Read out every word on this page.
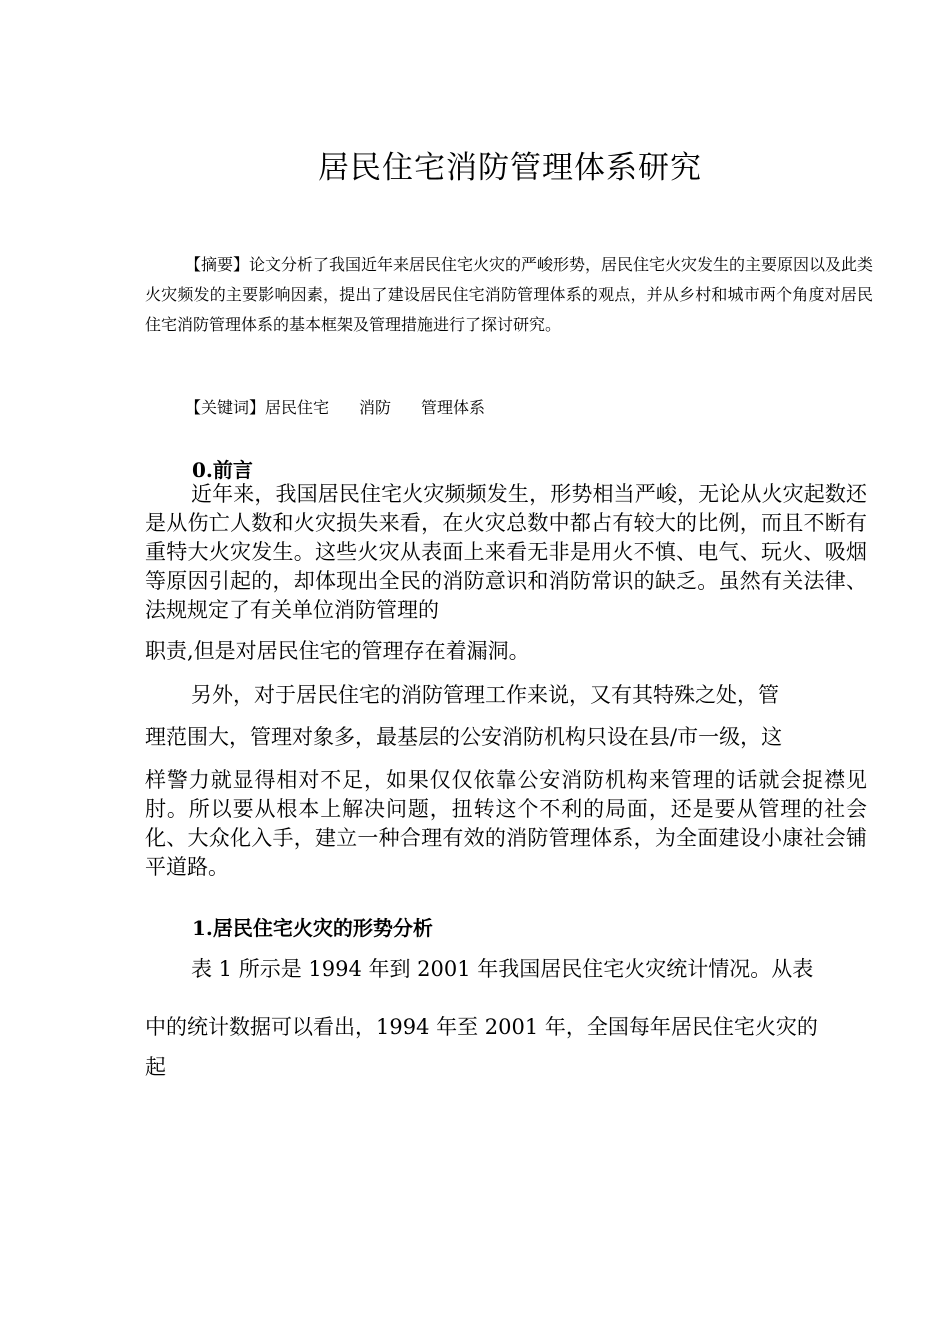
居民住宅消防管理体系研究

【摘要】论文分析了我国近年来居民住宅火灾的严峻形势，居民住宅火灾发生的主要原因以及此类火灾频发的主要影响因素，提出了建设居民住宅消防管理体系的观点，并从乡村和城市两个角度对居民住宅消防管理体系的基本框架及管理措施进行了探讨研究。

【关键词】居民住宅 消防 管理体系

0.前言

近年来，我国居民住宅火灾频频发生，形势相当严峻，无论从火灾起数还是从伤亡人数和火灾损失来看，在火灾总数中都占有较大的比例，而且不断有重特大火灾发生。这些火灾从表面上来看无非是用火不慎、电气、玩火、吸烟等原因引起的，却体现出全民的消防意识和消防常识的缺乏。虽然有关法律、法规规定了有关单位消防管理的

职责,但是对居民住宅的管理存在着漏洞。

另外，对于居民住宅的消防管理工作来说，又有其特殊之处，管

理范围大，管理对象多，最基层的公安消防机构只设在县/市一级，这

样警力就显得相对不足，如果仅仅依靠公安消防机构来管理的话就会捉襟见肘。所以要从根本上解决问题，扭转这个不利的局面，还是要从管理的社会化、大众化入手，建立一种合理有效的消防管理体系，为全面建设小康社会铺平道路。

1.居民住宅火灾的形势分析

表 1 所示是 1994 年到 2001 年我国居民住宅火灾统计情况。从表

中的统计数据可以看出，1994 年至 2001 年，全国每年居民住宅火灾的

起
